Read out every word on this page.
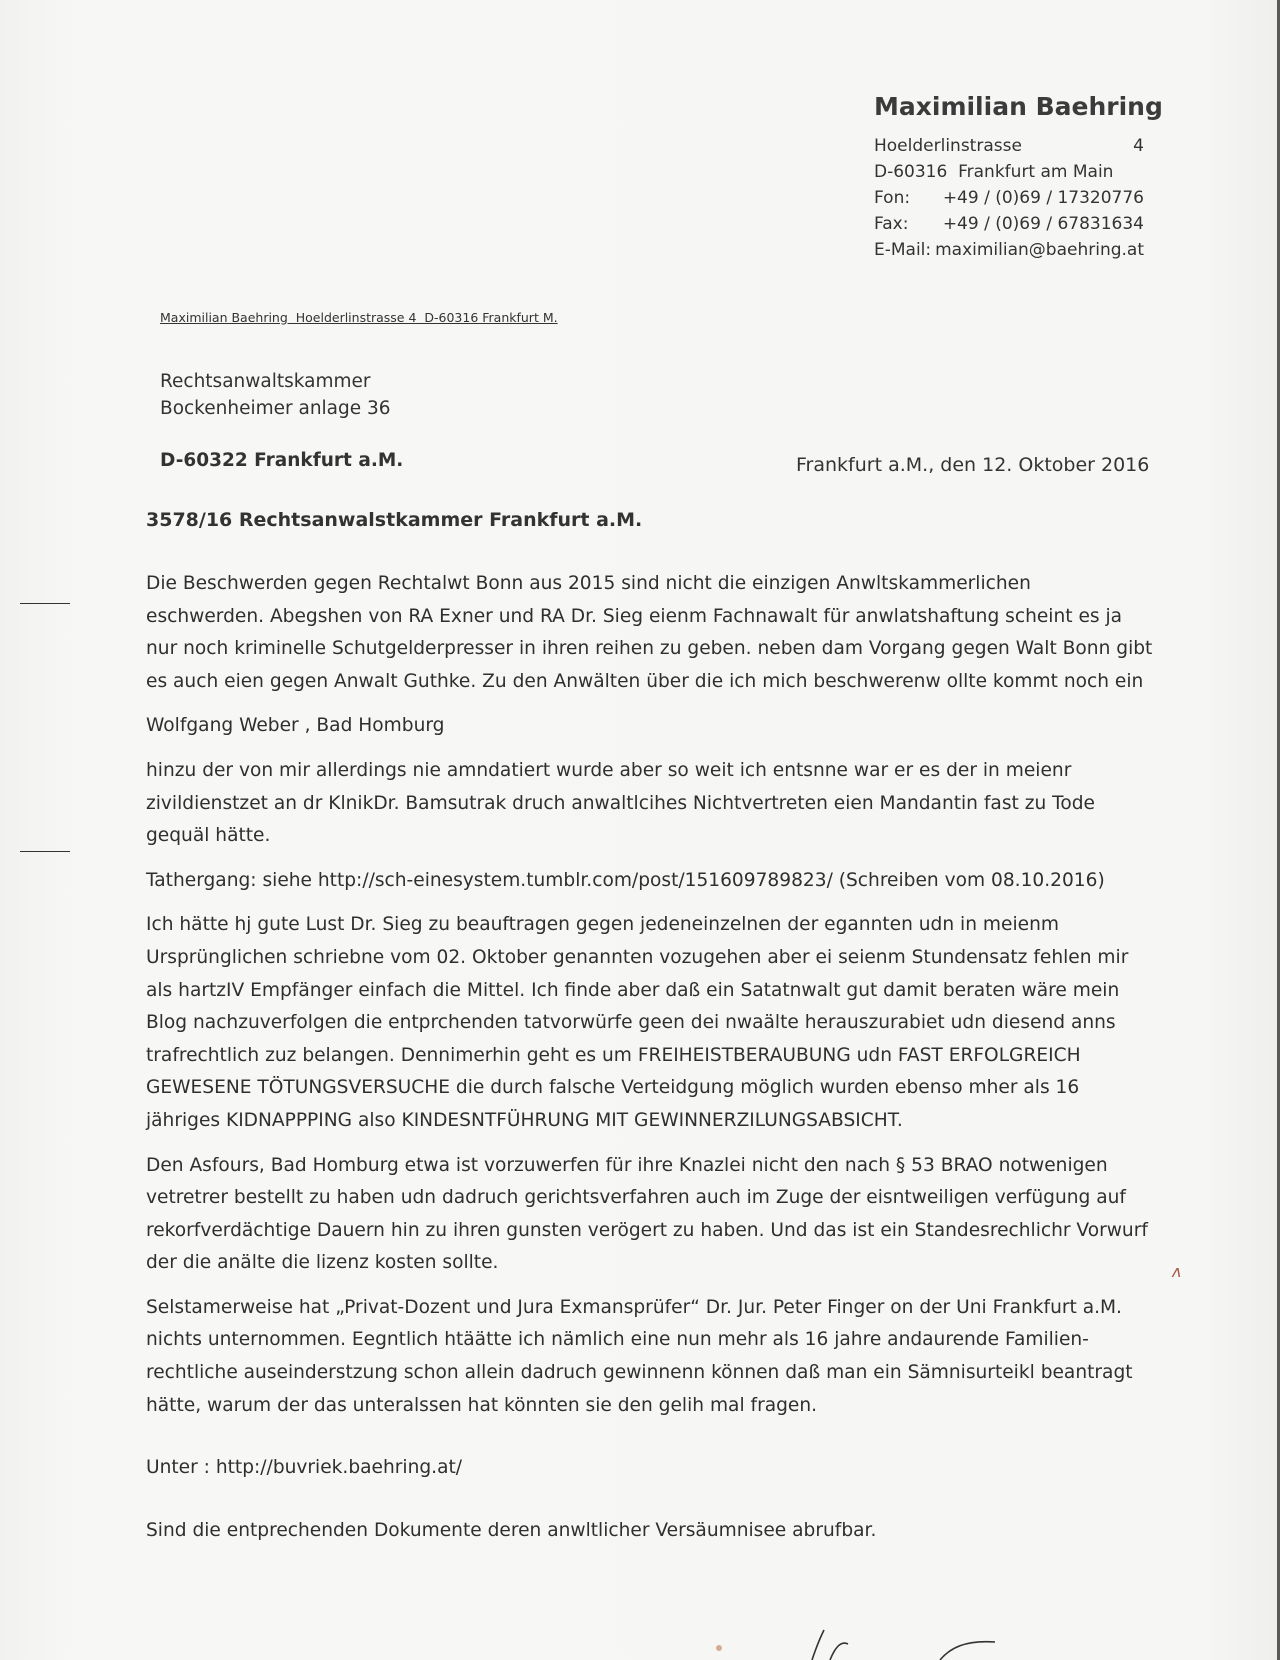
Maximilian Baehring
Hoelderlinstrasse	4
D-60316  Frankfurt am Main
Fon: +49 / (0)69 / 17320776
Fax: +49 / (0)69 / 67831634
E-Mail: maximilian@baehring.at
Maximilian Baehring  Hoelderlinstrasse 4  D-60316 Frankfurt M.
Rechtsanwaltskammer
Bockenheimer anlage 36
D-60322 Frankfurt a.M.	Frankfurt a.M., den 12. Oktober 2016
3578/16 Rechtsanwalstkammer Frankfurt a.M.

Die Beschwerden gegen Rechtalwt Bonn aus 2015 sind nicht die einzigen Anwltskammerlichen eschwerden. Abegshen von RA Exner und RA Dr. Sieg eienm Fachnawalt für anwlatshaftung scheint es ja nur noch kriminelle Schutgelderpresser in ihren reihen zu geben. neben dam Vorgang gegen Walt Bonn gibt es auch eien gegen Anwalt Guthke. Zu den Anwälten über die ich mich beschwerenw ollte kommt noch ein

Wolfgang Weber , Bad Homburg

hinzu der von mir allerdings nie amndatiert wurde aber so weit ich entsnne war er es der in meienr zivildienstzet an dr KlnikDr. Bamsutrak druch anwaltlcihes Nichtvertreten eien Mandantin fast zu Tode gequäl hätte.

Tathergang: siehe http://sch-einesystem.tumblr.com/post/151609789823/ (Schreiben vom 08.10.2016)

Ich hätte hj gute Lust Dr. Sieg zu beauftragen gegen jedeneinzelnen der egannten udn in meienm Ursprünglichen schriebne vom 02. Oktober genannten vozugehen aber ei seienm Stundensatz fehlen mir als hartzIV Empfänger einfach die Mittel. Ich finde aber daß ein Satatnwalt gut damit beraten wäre mein Blog nachzuverfolgen die entprchenden tatvorwürfe geen dei nwaälte herauszurabiet udn diesend anns trafrechtlich zuz belangen. Dennimerhin geht es um FREIHEISTBERAUBUNG udn FAST ERFOLGREICH GEWESENE TÖTUNGSVERSUCHE die durch falsche Verteidgung möglich wurden ebenso mher als 16 jähriges KIDNAPPPING also KINDESNTFÜHRUNG MIT GEWINNERZILUNGSABSICHT.

Den Asfours, Bad Homburg etwa ist vorzuwerfen für ihre Knazlei nicht den nach § 53 BRAO notwenigen vetretrer bestellt zu haben udn dadruch gerichtsverfahren auch im Zuge der eisntweiligen verfügung auf rekorfverdächtige Dauern hin zu ihren gunsten verögert zu haben. Und das ist ein Standesrechlichr Vorwurf der die anälte die lizenz kosten sollte.

Selstamerweise hat „Privat-Dozent und Jura Exmansprüfer“ Dr. Jur. Peter Finger on der Uni Frankfurt a.M. nichts unternommen. Eegntlich htäätte ich nämlich eine nun mehr als 16 jahre andaurende Familien-rechtliche auseinderstzung schon allein dadruch gewinnenn können daß man ein Sämnisurteikl beantragt hätte, warum der das unteralssen hat könnten sie den gelih mal fragen.

Unter : http://buvriek.baehring.at/

Sind die entprechenden Dokumente deren anwltlicher Versäumnisee abrufbar.

ʌ
